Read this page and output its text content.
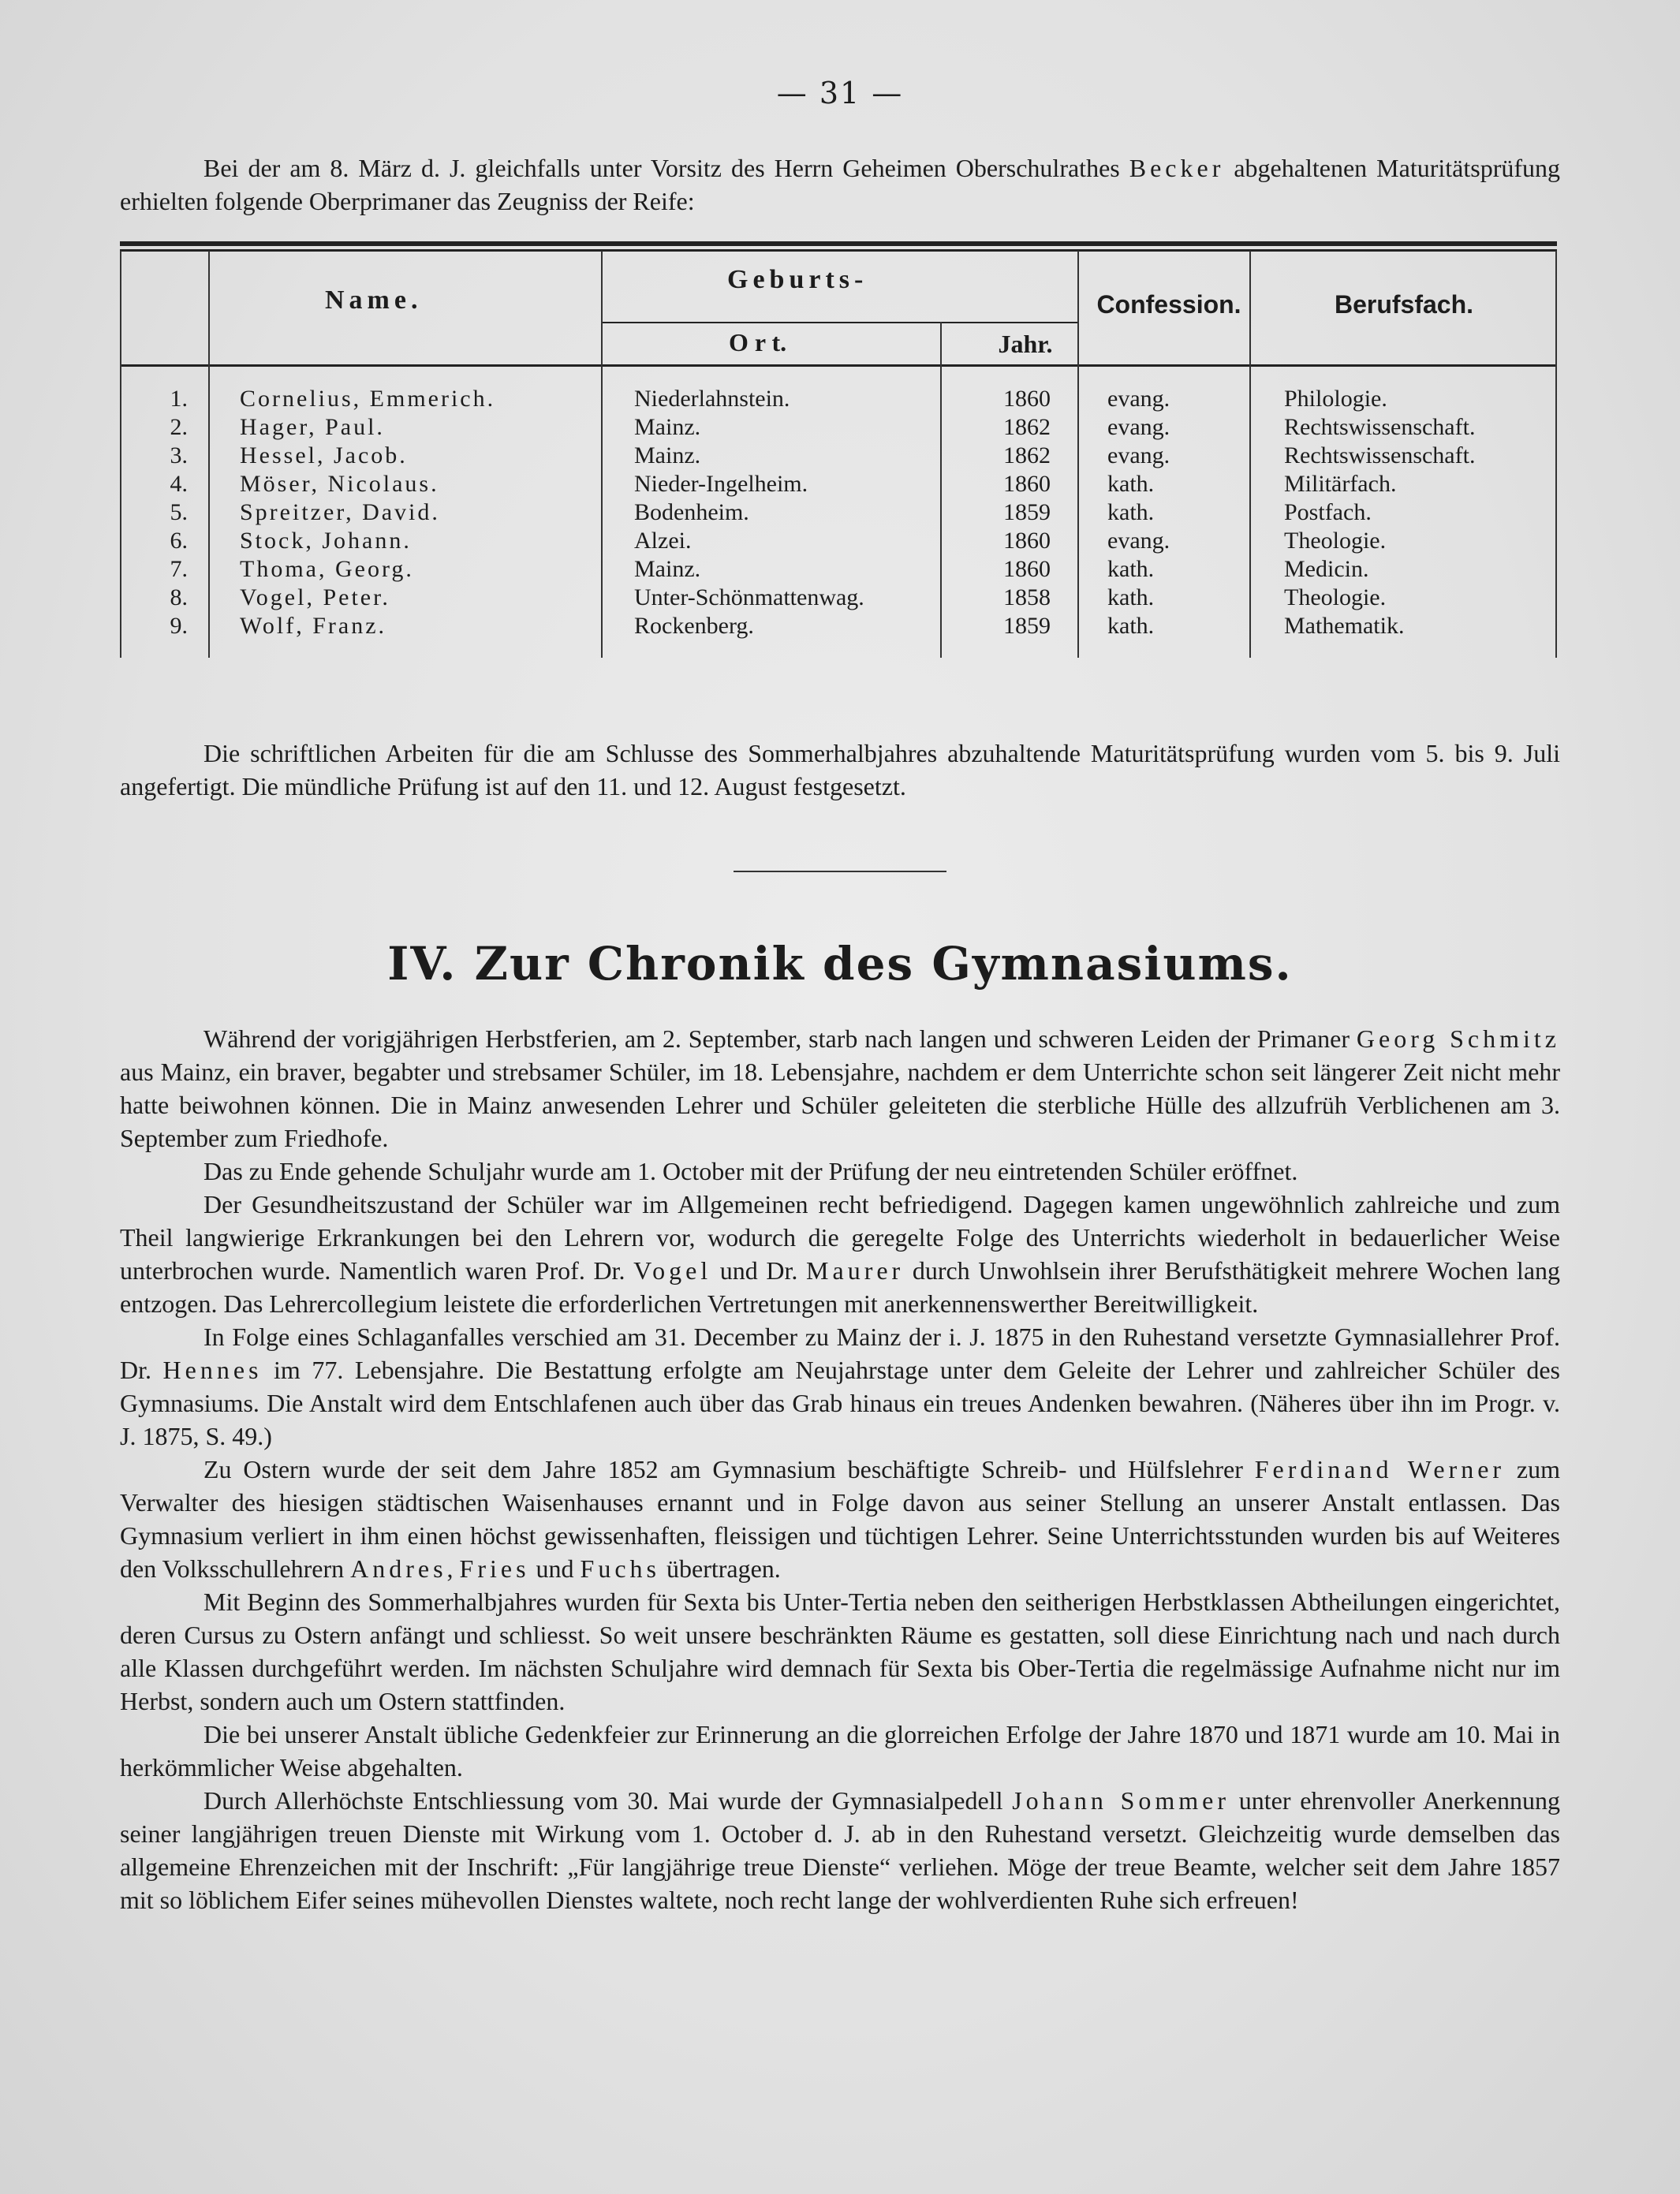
— 31 —

Bei der am 8. März d. J. gleichfalls unter Vorsitz des Herrn Geheimen Oberschulrathes Becker abgehaltenen Maturitätsprüfung erhielten folgende Oberprimaner das Zeugniss der Reife:

Name.
Geburts-
O r t.	Jahr.
Confession.	Berufsfach.
1. Cornelius, Emmerich.	Niederlahnstein.	1860	evang.	Philologie.
2. Hager, Paul.	Mainz.	1862	evang.	Rechtswissenschaft.
3. Hessel, Jacob.	Mainz.	1862	evang.	Rechtswissenschaft.
4. Möser, Nicolaus.	Nieder-Ingelheim.	1860	kath.	Militärfach.
5. Spreitzer, David.	Bodenheim.	1859	kath.	Postfach.
6. Stock, Johann.	Alzei.	1860	evang.	Theologie.
7. Thoma, Georg.	Mainz.	1860	kath.	Medicin.
8. Vogel, Peter.	Unter-Schönmattenwag.	1858	kath.	Theologie.
9. Wolf, Franz.	Rockenberg.	1859	kath.	Mathematik.

Die schriftlichen Arbeiten für die am Schlusse des Sommerhalbjahres abzuhaltende Maturitätsprüfung wurden vom 5. bis 9. Juli angefertigt. Die mündliche Prüfung ist auf den 11. und 12. August festgesetzt.

IV. Zur Chronik des Gymnasiums.

Während der vorigjährigen Herbstferien, am 2. September, starb nach langen und schweren Leiden der Primaner Georg Schmitz aus Mainz, ein braver, begabter und strebsamer Schüler, im 18. Lebensjahre, nachdem er dem Unterrichte schon seit längerer Zeit nicht mehr hatte beiwohnen können. Die in Mainz anwesenden Lehrer und Schüler geleiteten die sterbliche Hülle des allzufrüh Verblichenen am 3. September zum Friedhofe.

Das zu Ende gehende Schuljahr wurde am 1. October mit der Prüfung der neu eintretenden Schüler eröffnet.

Der Gesundheitszustand der Schüler war im Allgemeinen recht befriedigend. Dagegen kamen ungewöhnlich zahlreiche und zum Theil langwierige Erkrankungen bei den Lehrern vor, wodurch die geregelte Folge des Unterrichts wiederholt in bedauerlicher Weise unterbrochen wurde. Namentlich waren Prof. Dr. Vogel und Dr. Maurer durch Unwohlsein ihrer Berufsthätigkeit mehrere Wochen lang entzogen. Das Lehrercollegium leistete die erforderlichen Vertretungen mit anerkennenswerther Bereitwilligkeit.

In Folge eines Schlaganfalles verschied am 31. December zu Mainz der i. J. 1875 in den Ruhestand versetzte Gymnasiallehrer Prof. Dr. Hennes im 77. Lebensjahre. Die Bestattung erfolgte am Neujahrstage unter dem Geleite der Lehrer und zahlreicher Schüler des Gymnasiums. Die Anstalt wird dem Entschlafenen auch über das Grab hinaus ein treues Andenken bewahren. (Näheres über ihn im Progr. v. J. 1875, S. 49.)

Zu Ostern wurde der seit dem Jahre 1852 am Gymnasium beschäftigte Schreib- und Hülfslehrer Ferdinand Werner zum Verwalter des hiesigen städtischen Waisenhauses ernannt und in Folge davon aus seiner Stellung an unserer Anstalt entlassen. Das Gymnasium verliert in ihm einen höchst gewissenhaften, fleissigen und tüchtigen Lehrer. Seine Unterrichtsstunden wurden bis auf Weiteres den Volksschullehrern Andres, Fries und Fuchs übertragen.

Mit Beginn des Sommerhalbjahres wurden für Sexta bis Unter-Tertia neben den seitherigen Herbstklassen Abtheilungen eingerichtet, deren Cursus zu Ostern anfängt und schliesst. So weit unsere beschränkten Räume es gestatten, soll diese Einrichtung nach und nach durch alle Klassen durchgeführt werden. Im nächsten Schuljahre wird demnach für Sexta bis Ober-Tertia die regelmässige Aufnahme nicht nur im Herbst, sondern auch um Ostern stattfinden.

Die bei unserer Anstalt übliche Gedenkfeier zur Erinnerung an die glorreichen Erfolge der Jahre 1870 und 1871 wurde am 10. Mai in herkömmlicher Weise abgehalten.

Durch Allerhöchste Entschliessung vom 30. Mai wurde der Gymnasialpedell Johann Sommer unter ehrenvoller Anerkennung seiner langjährigen treuen Dienste mit Wirkung vom 1. October d. J. ab in den Ruhestand versetzt. Gleichzeitig wurde demselben das allgemeine Ehrenzeichen mit der Inschrift: „Für langjährige treue Dienste“ verliehen. Möge der treue Beamte, welcher seit dem Jahre 1857 mit so löblichem Eifer seines mühevollen Dienstes waltete, noch recht lange der wohlverdienten Ruhe sich erfreuen!
